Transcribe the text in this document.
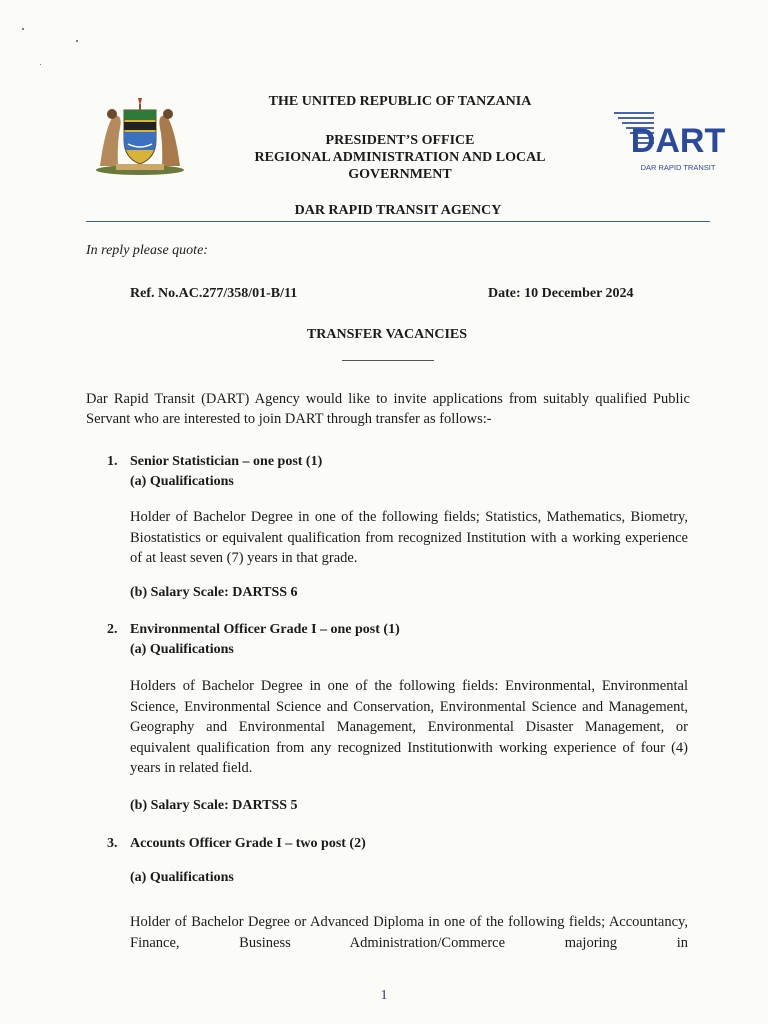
THE UNITED REPUBLIC OF TANZANIA
PRESIDENT’S OFFICE
REGIONAL ADMINISTRATION AND LOCAL
GOVERNMENT
DART
DAR RAPID TRANSIT
DAR RAPID TRANSIT AGENCY
In reply please quote:
Ref. No.AC.277/358/01-B/11	Date: 10 December 2024
TRANSFER VACANCIES
Dar Rapid Transit (DART) Agency would like to invite applications from suitably qualified Public Servant who are interested to join DART through transfer as follows:-
1. Senior Statistician – one post (1)
(a) Qualifications
Holder of Bachelor Degree in one of the following fields; Statistics, Mathematics, Biometry, Biostatistics or equivalent qualification from recognized Institution with a working experience of at least seven (7) years in that grade.
(b) Salary Scale: DARTSS 6
2. Environmental Officer Grade I – one post (1)
(a) Qualifications
Holders of Bachelor Degree in one of the following fields: Environmental, Environmental Science, Environmental Science and Conservation, Environmental Science and Management, Geography and Environmental Management, Environmental Disaster Management, or equivalent qualification from any recognized Institutionwith working experience of four (4) years in related field.
(b) Salary Scale: DARTSS 5
3. Accounts Officer Grade I – two post (2)
(a) Qualifications
Holder of Bachelor Degree or Advanced Diploma in one of the following fields; Accountancy, Finance, Business Administration/Commerce majoring in
1
